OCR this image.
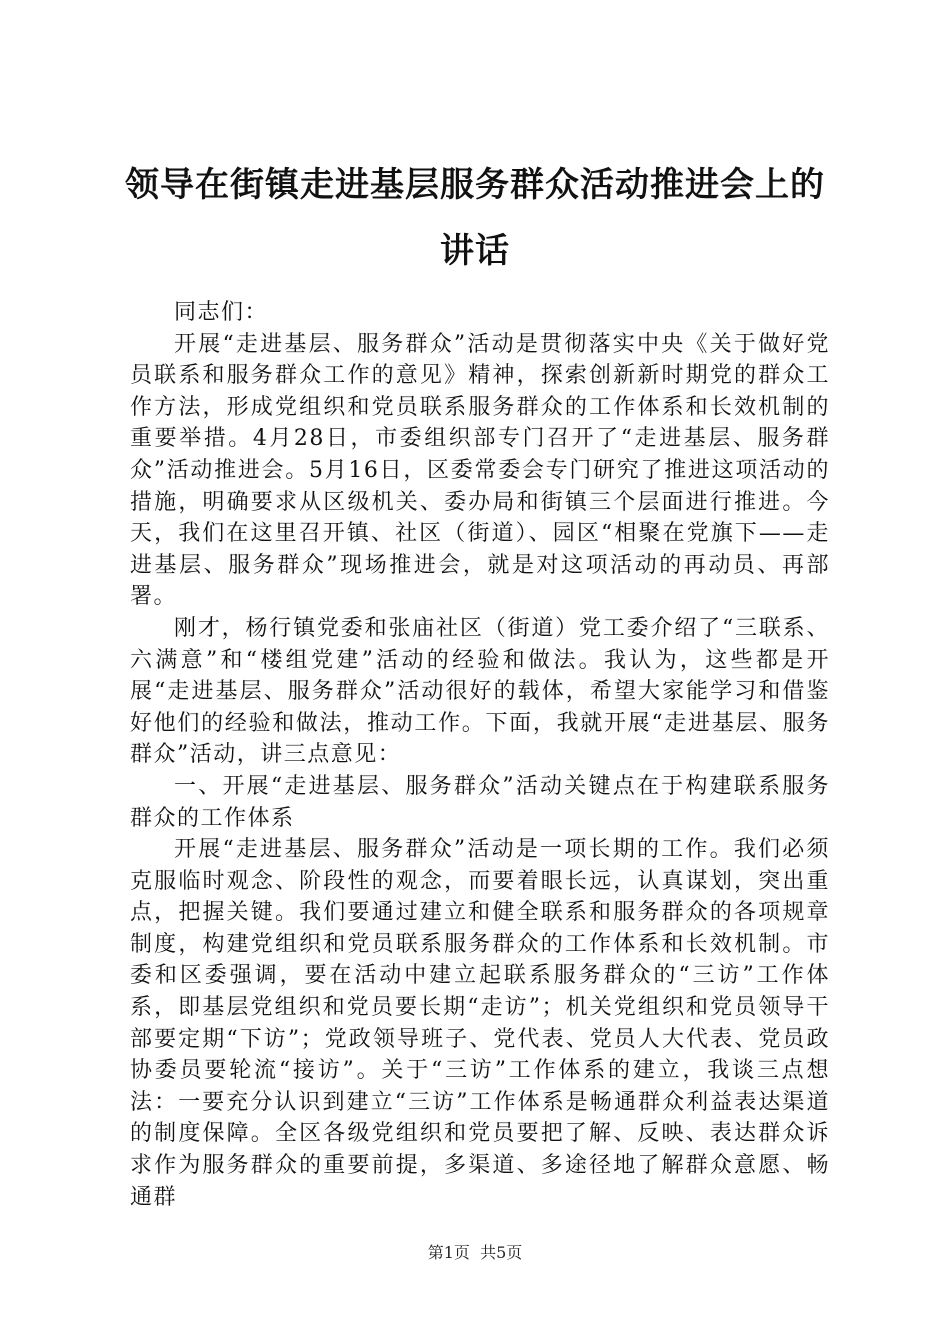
领导在街镇走进基层服务群众活动推进会上的
讲话

同志们：

开展“走进基层、服务群众”活动是贯彻落实中央《关于做好党员联系和服务群众工作的意见》精神，探索创新新时期党的群众工作方法，形成党组织和党员联系服务群众的工作体系和长效机制的重要举措。4月28日，市委组织部专门召开了“走进基层、服务群众”活动推进会。5月16日，区委常委会专门研究了推进这项活动的措施，明确要求从区级机关、委办局和街镇三个层面进行推进。今天，我们在这里召开镇、社区（街道）、园区“相聚在党旗下——走进基层、服务群众”现场推进会，就是对这项活动的再动员、再部署。

刚才，杨行镇党委和张庙社区（街道）党工委介绍了“三联系、六满意”和“楼组党建”活动的经验和做法。我认为，这些都是开展“走进基层、服务群众”活动很好的载体，希望大家能学习和借鉴好他们的经验和做法，推动工作。下面，我就开展“走进基层、服务群众”活动，讲三点意见：

一、开展“走进基层、服务群众”活动关键点在于构建联系服务群众的工作体系

开展“走进基层、服务群众”活动是一项长期的工作。我们必须克服临时观念、阶段性的观念，而要着眼长远，认真谋划，突出重点，把握关键。我们要通过建立和健全联系和服务群众的各项规章制度，构建党组织和党员联系服务群众的工作体系和长效机制。市委和区委强调，要在活动中建立起联系服务群众的“三访”工作体系，即基层党组织和党员要长期“走访”；机关党组织和党员领导干部要定期“下访”；党政领导班子、党代表、党员人大代表、党员政协委员要轮流“接访”。关于“三访”工作体系的建立，我谈三点想法：一要充分认识到建立“三访”工作体系是畅通群众利益表达渠道的制度保障。全区各级党组织和党员要把了解、反映、表达群众诉求作为服务群众的重要前提，多渠道、多途径地了解群众意愿、畅通群

第1页  共5页
